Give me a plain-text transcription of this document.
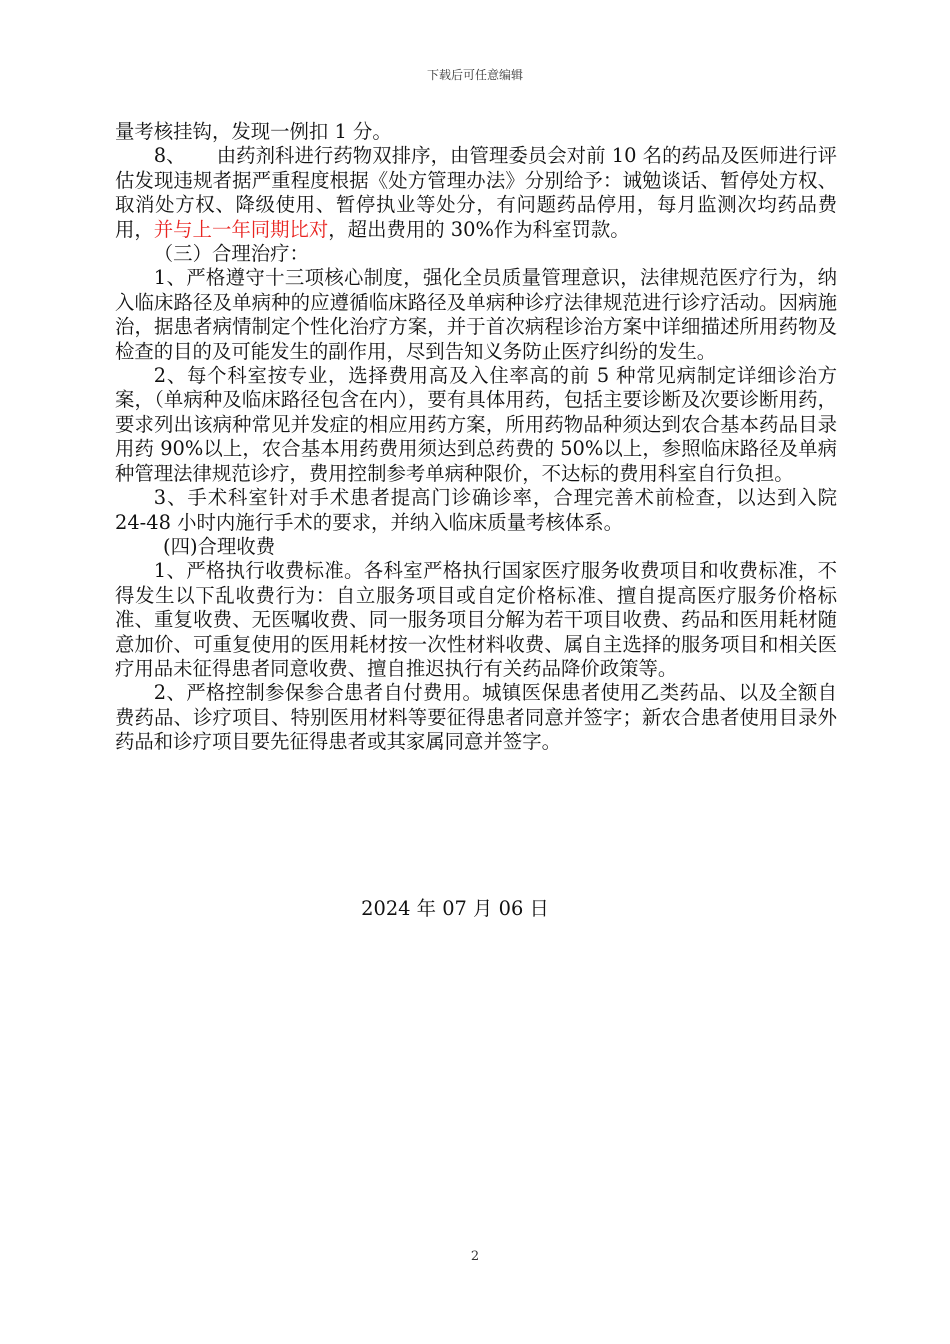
下载后可任意编辑

量考核挂钩，发现一例扣 1 分。

8、 由药剂科进行药物双排序，由管理委员会对前 10 名的药品及医师进行评估发现违规者据严重程度根据《处方管理办法》分别给予：诫勉谈话、暂停处方权、取消处方权、降级使用、暂停执业等处分，有问题药品停用，每月监测次均药品费用，并与上一年同期比对，超出费用的 30%作为科室罚款。

（三）合理治疗：

1、严格遵守十三项核心制度，强化全员质量管理意识，法律规范医疗行为，纳入临床路径及单病种的应遵循临床路径及单病种诊疗法律规范进行诊疗活动。因病施治，据患者病情制定个性化治疗方案，并于首次病程诊治方案中详细描述所用药物及检查的目的及可能发生的副作用，尽到告知义务防止医疗纠纷的发生。

2、每个科室按专业，选择费用高及入住率高的前 5 种常见病制定详细诊治方案，（单病种及临床路径包含在内），要有具体用药，包括主要诊断及次要诊断用药，要求列出该病种常见并发症的相应用药方案，所用药物品种须达到农合基本药品目录用药 90%以上，农合基本用药费用须达到总药费的 50%以上，参照临床路径及单病种管理法律规范诊疗，费用控制参考单病种限价，不达标的费用科室自行负担。

3、手术科室针对手术患者提高门诊确诊率，合理完善术前检查，以达到入院 24-48 小时内施行手术的要求，并纳入临床质量考核体系。

(四)合理收费

1、严格执行收费标准。各科室严格执行国家医疗服务收费项目和收费标准，不得发生以下乱收费行为：自立服务项目或自定价格标准、擅自提高医疗服务价格标准、重复收费、无医嘱收费、同一服务项目分解为若干项目收费、药品和医用耗材随意加价、可重复使用的医用耗材按一次性材料收费、属自主选择的服务项目和相关医疗用品未征得患者同意收费、擅自推迟执行有关药品降价政策等。

2、严格控制参保参合患者自付费用。城镇医保患者使用乙类药品、以及全额自费药品、诊疗项目、特别医用材料等要征得患者同意并签字；新农合患者使用目录外药品和诊疗项目要先征得患者或其家属同意并签字。

2024 年 07 月 06 日
2
